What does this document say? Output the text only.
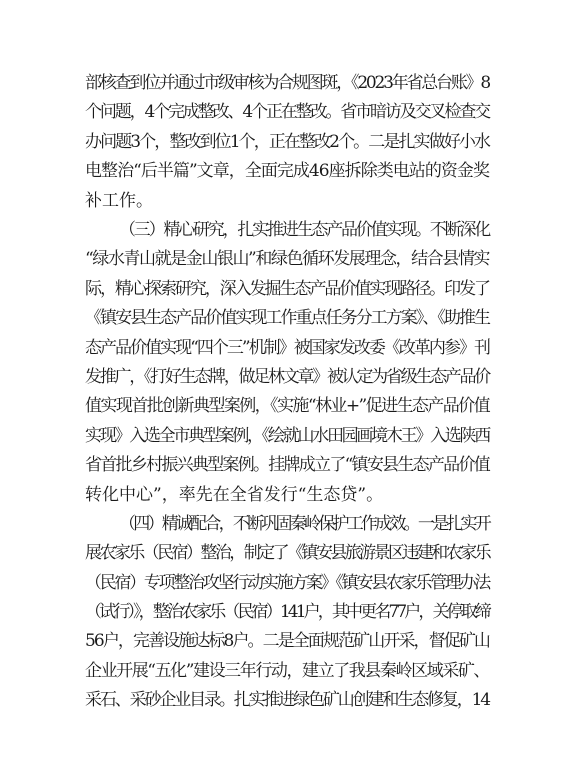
部核查到位并通过市级审核为合规图斑，《2023年省总台账》8
个问题，4个完成整改、4个正在整改。省市暗访及交叉检查交
办问题3个，整改到位1个，正在整改2个。二是扎实做好小水
电整治“后半篇”文章，全面完成46座拆除类电站的资金奖
补工作。
（三）精心研究，扎实推进生态产品价值实现。不断深化
“绿水青山就是金山银山”和绿色循环发展理念，结合县情实
际，精心探索研究，深入发掘生态产品价值实现路径。印发了
《镇安县生态产品价值实现工作重点任务分工方案》、《助推生
态产品价值实现“四个三”机制》被国家发改委《改革内参》刊
发推广，《打好生态牌，做足林文章》被认定为省级生态产品价
值实现首批创新典型案例，《实施“林业+”促进生态产品价值
实现》入选全市典型案例，《绘就山水田园画境木王》入选陕西
省首批乡村振兴典型案例。挂牌成立了“镇安县生态产品价值
转化中心”，率先在全省发行“生态贷”。
（四）精诚配合，不断巩固秦岭保护工作成效。一是扎实开
展农家乐（民宿）整治，制定了《镇安县旅游景区违建和农家乐
（民宿）专项整治攻坚行动实施方案》《镇安县农家乐管理办法
（试行）》，整治农家乐（民宿）141户，其中更名77户，关停取缔
56户，完善设施达标8户。二是全面规范矿山开采，督促矿山
企业开展“五化”建设三年行动，建立了我县秦岭区域采矿、
采石、采砂企业目录。扎实推进绿色矿山创建和生态修复，14
